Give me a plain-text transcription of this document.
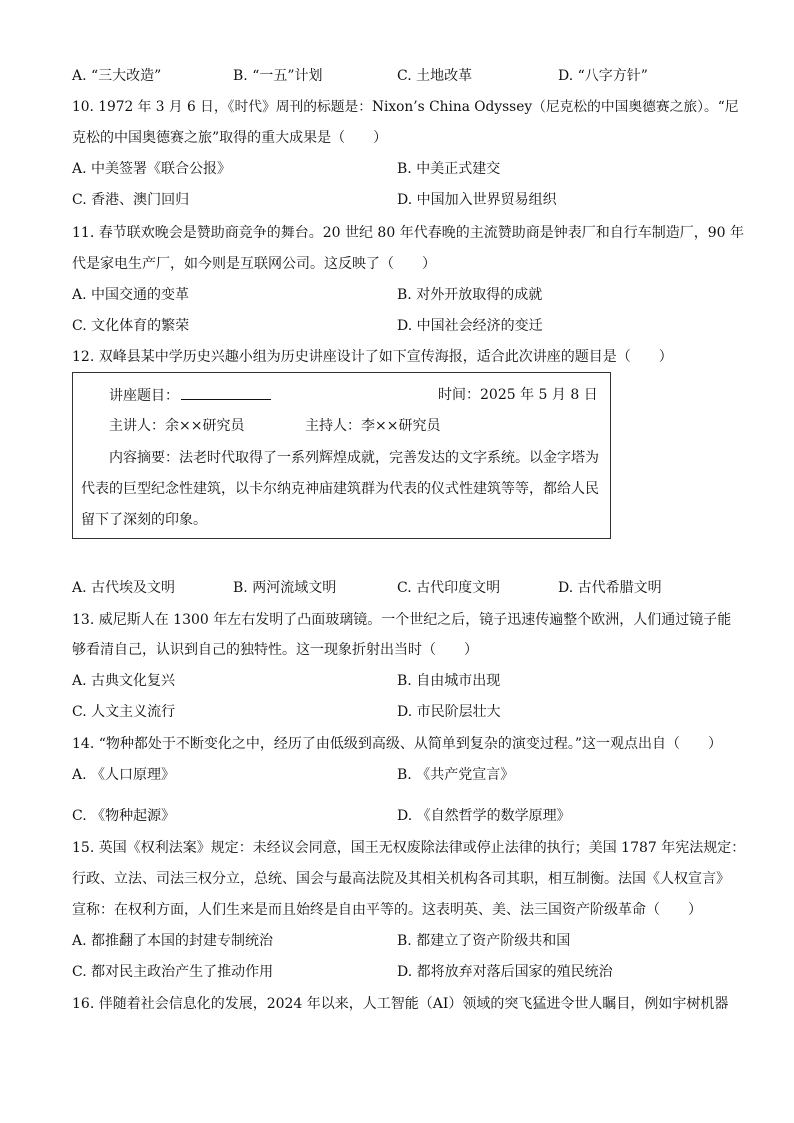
A. “三大改造”	B. “一五”计划	C. 土地改革	D. “八字方针”
10. 1972 年 3 月 6 日，《时代》周刊的标题是：Nixon’s China Odyssey（尼克松的中国奥德赛之旅）。“尼
克松的中国奥德赛之旅”取得的重大成果是（　　）
A. 中美签署《联合公报》	B. 中美正式建交
C. 香港、澳门回归	D. 中国加入世界贸易组织
11. 春节联欢晚会是赞助商竞争的舞台。20 世纪 80 年代春晚的主流赞助商是钟表厂和自行车制造厂，90 年
代是家电生产厂，如今则是互联网公司。这反映了（　　）
A. 中国交通的变革	B. 对外开放取得的成就
C. 文化体育的繁荣	D. 中国社会经济的变迁
12. 双峰县某中学历史兴趣小组为历史讲座设计了如下宣传海报，适合此次讲座的题目是（　　）
讲座题目：	时间：2025 年 5 月 8 日
主讲人：余××研究员	主持人：李××研究员
内容摘要：法老时代取得了一系列辉煌成就，完善发达的文字系统。以金字塔为
代表的巨型纪念性建筑，以卡尔纳克神庙建筑群为代表的仪式性建筑等等，都给人民
留下了深刻的印象。
A. 古代埃及文明	B. 两河流域文明	C. 古代印度文明	D. 古代希腊文明
13. 威尼斯人在 1300 年左右发明了凸面玻璃镜。一个世纪之后，镜子迅速传遍整个欧洲，人们通过镜子能
够看清自己，认识到自己的独特性。这一现象折射出当时（　　）
A. 古典文化复兴	B. 自由城市出现
C. 人文主义流行	D. 市民阶层壮大
14. “物种都处于不断变化之中，经历了由低级到高级、从简单到复杂的演变过程。”这一观点出自（　　）
A. 《人口原理》	B. 《共产党宣言》
C. 《物种起源》	D. 《自然哲学的数学原理》
15. 英国《权利法案》规定：未经议会同意，国王无权废除法律或停止法律的执行；美国 1787 年宪法规定：
行政、立法、司法三权分立，总统、国会与最高法院及其相关机构各司其职，相互制衡。法国《人权宣言》
宣称：在权利方面，人们生来是而且始终是自由平等的。这表明英、美、法三国资产阶级革命（　　）
A. 都推翻了本国的封建专制统治	B. 都建立了资产阶级共和国
C. 都对民主政治产生了推动作用	D. 都将放弃对落后国家的殖民统治
16. 伴随着社会信息化的发展，2024 年以来，人工智能（AI）领域的突飞猛进令世人瞩目，例如宇树机器
